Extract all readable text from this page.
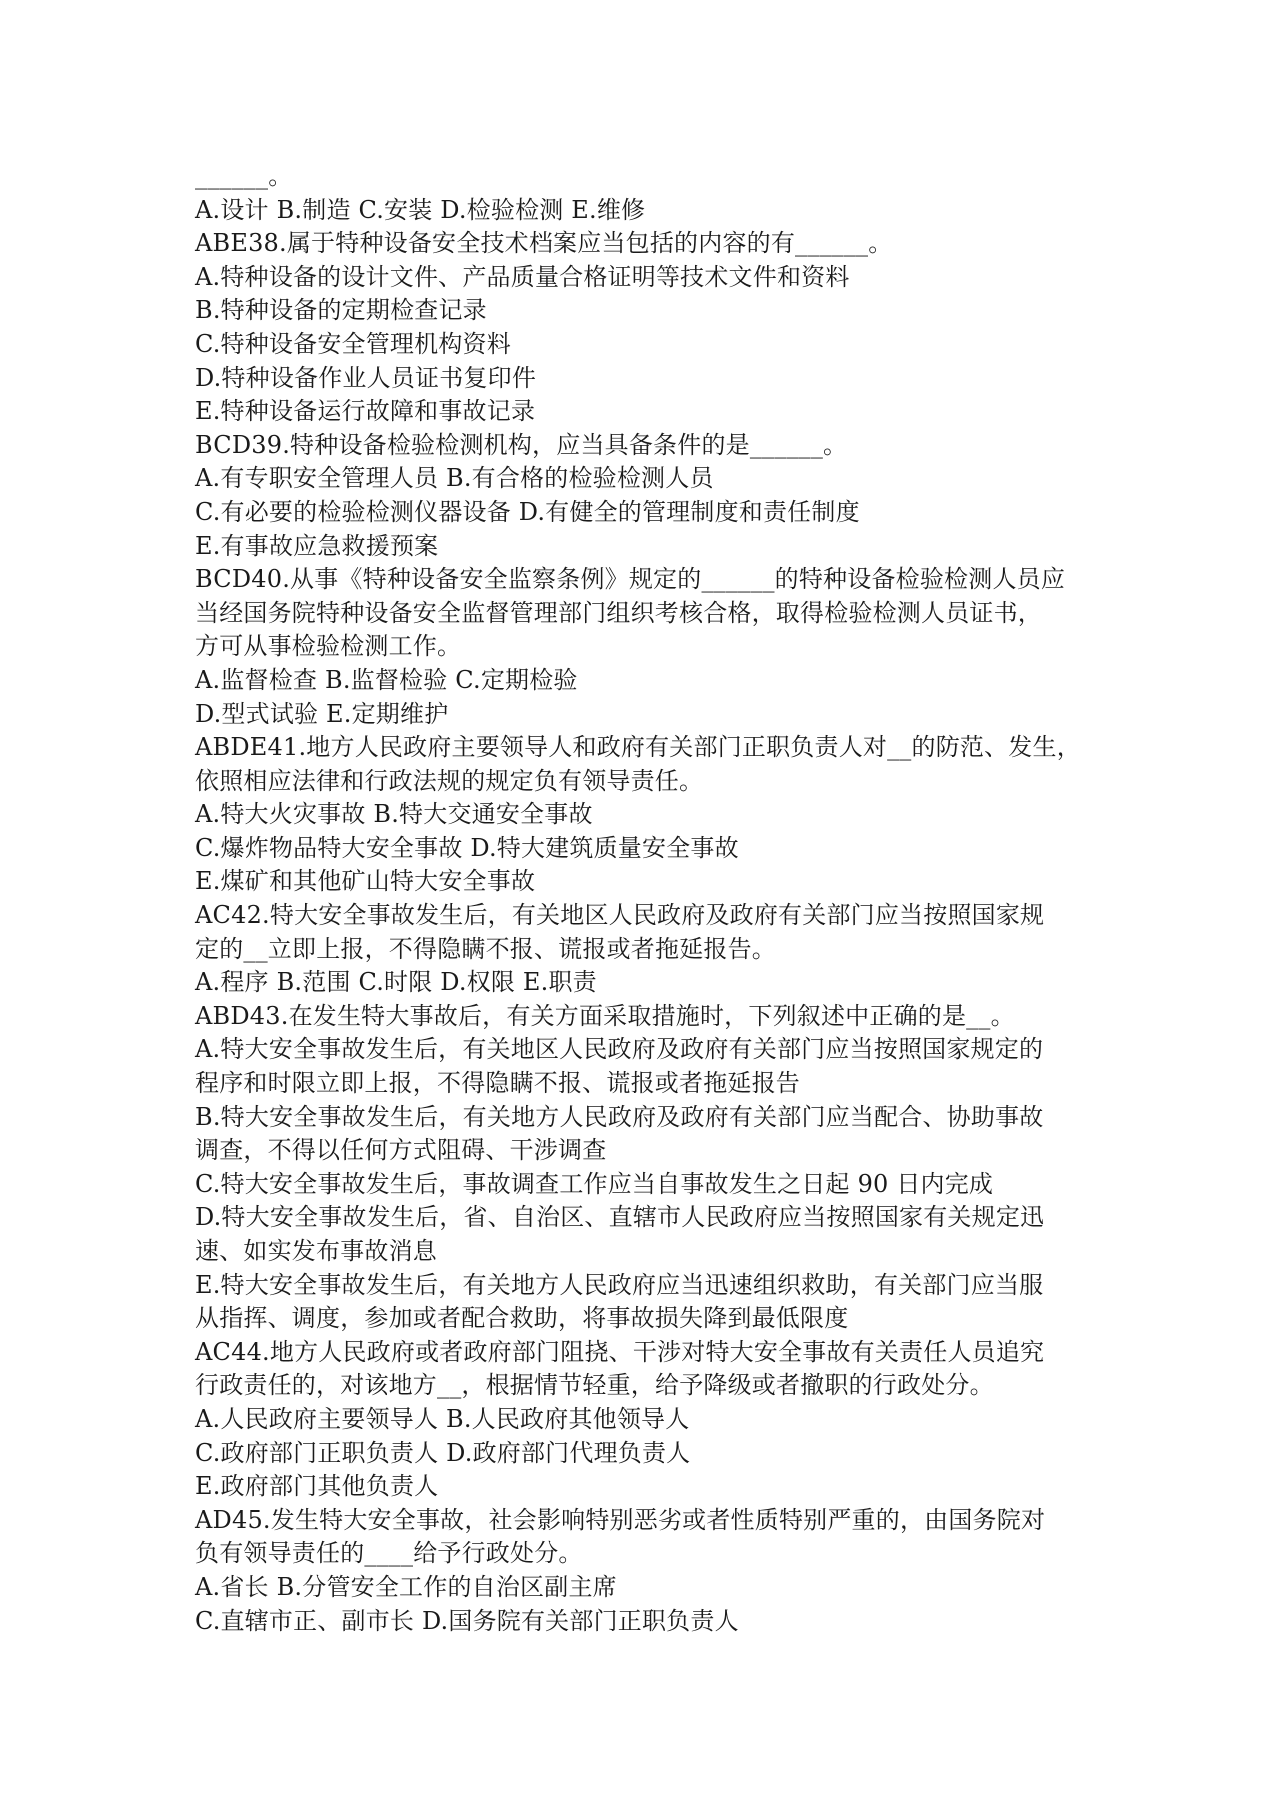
______。
A.设计 B.制造 C.安装 D.检验检测 E.维修
ABE38.属于特种设备安全技术档案应当包括的内容的有______。
A.特种设备的设计文件、产品质量合格证明等技术文件和资料
B.特种设备的定期检查记录
C.特种设备安全管理机构资料
D.特种设备作业人员证书复印件
E.特种设备运行故障和事故记录
BCD39.特种设备检验检测机构，应当具备条件的是______。
A.有专职安全管理人员 B.有合格的检验检测人员
C.有必要的检验检测仪器设备 D.有健全的管理制度和责任制度
E.有事故应急救援预案
BCD40.从事《特种设备安全监察条例》规定的______的特种设备检验检测人员应
当经国务院特种设备安全监督管理部门组织考核合格，取得检验检测人员证书，
方可从事检验检测工作。
A.监督检查 B.监督检验 C.定期检验
D.型式试验 E.定期维护
ABDE41.地方人民政府主要领导人和政府有关部门正职负责人对__的防范、发生，
依照相应法律和行政法规的规定负有领导责任。
A.特大火灾事故 B.特大交通安全事故
C.爆炸物品特大安全事故 D.特大建筑质量安全事故
E.煤矿和其他矿山特大安全事故
AC42.特大安全事故发生后，有关地区人民政府及政府有关部门应当按照国家规
定的__立即上报，不得隐瞒不报、谎报或者拖延报告。
A.程序 B.范围 C.时限 D.权限 E.职责
ABD43.在发生特大事故后，有关方面采取措施时，下列叙述中正确的是__。
A.特大安全事故发生后，有关地区人民政府及政府有关部门应当按照国家规定的
程序和时限立即上报，不得隐瞒不报、谎报或者拖延报告
B.特大安全事故发生后，有关地方人民政府及政府有关部门应当配合、协助事故
调查，不得以任何方式阻碍、干涉调查
C.特大安全事故发生后，事故调查工作应当自事故发生之日起 90 日内完成
D.特大安全事故发生后，省、自治区、直辖市人民政府应当按照国家有关规定迅
速、如实发布事故消息
E.特大安全事故发生后，有关地方人民政府应当迅速组织救助，有关部门应当服
从指挥、调度，参加或者配合救助，将事故损失降到最低限度
AC44.地方人民政府或者政府部门阻挠、干涉对特大安全事故有关责任人员追究
行政责任的，对该地方__，根据情节轻重，给予降级或者撤职的行政处分。
A.人民政府主要领导人 B.人民政府其他领导人
C.政府部门正职负责人 D.政府部门代理负责人
E.政府部门其他负责人
AD45.发生特大安全事故，社会影响特别恶劣或者性质特别严重的，由国务院对
负有领导责任的____给予行政处分。
A.省长 B.分管安全工作的自治区副主席
C.直辖市正、副市长 D.国务院有关部门正职负责人
